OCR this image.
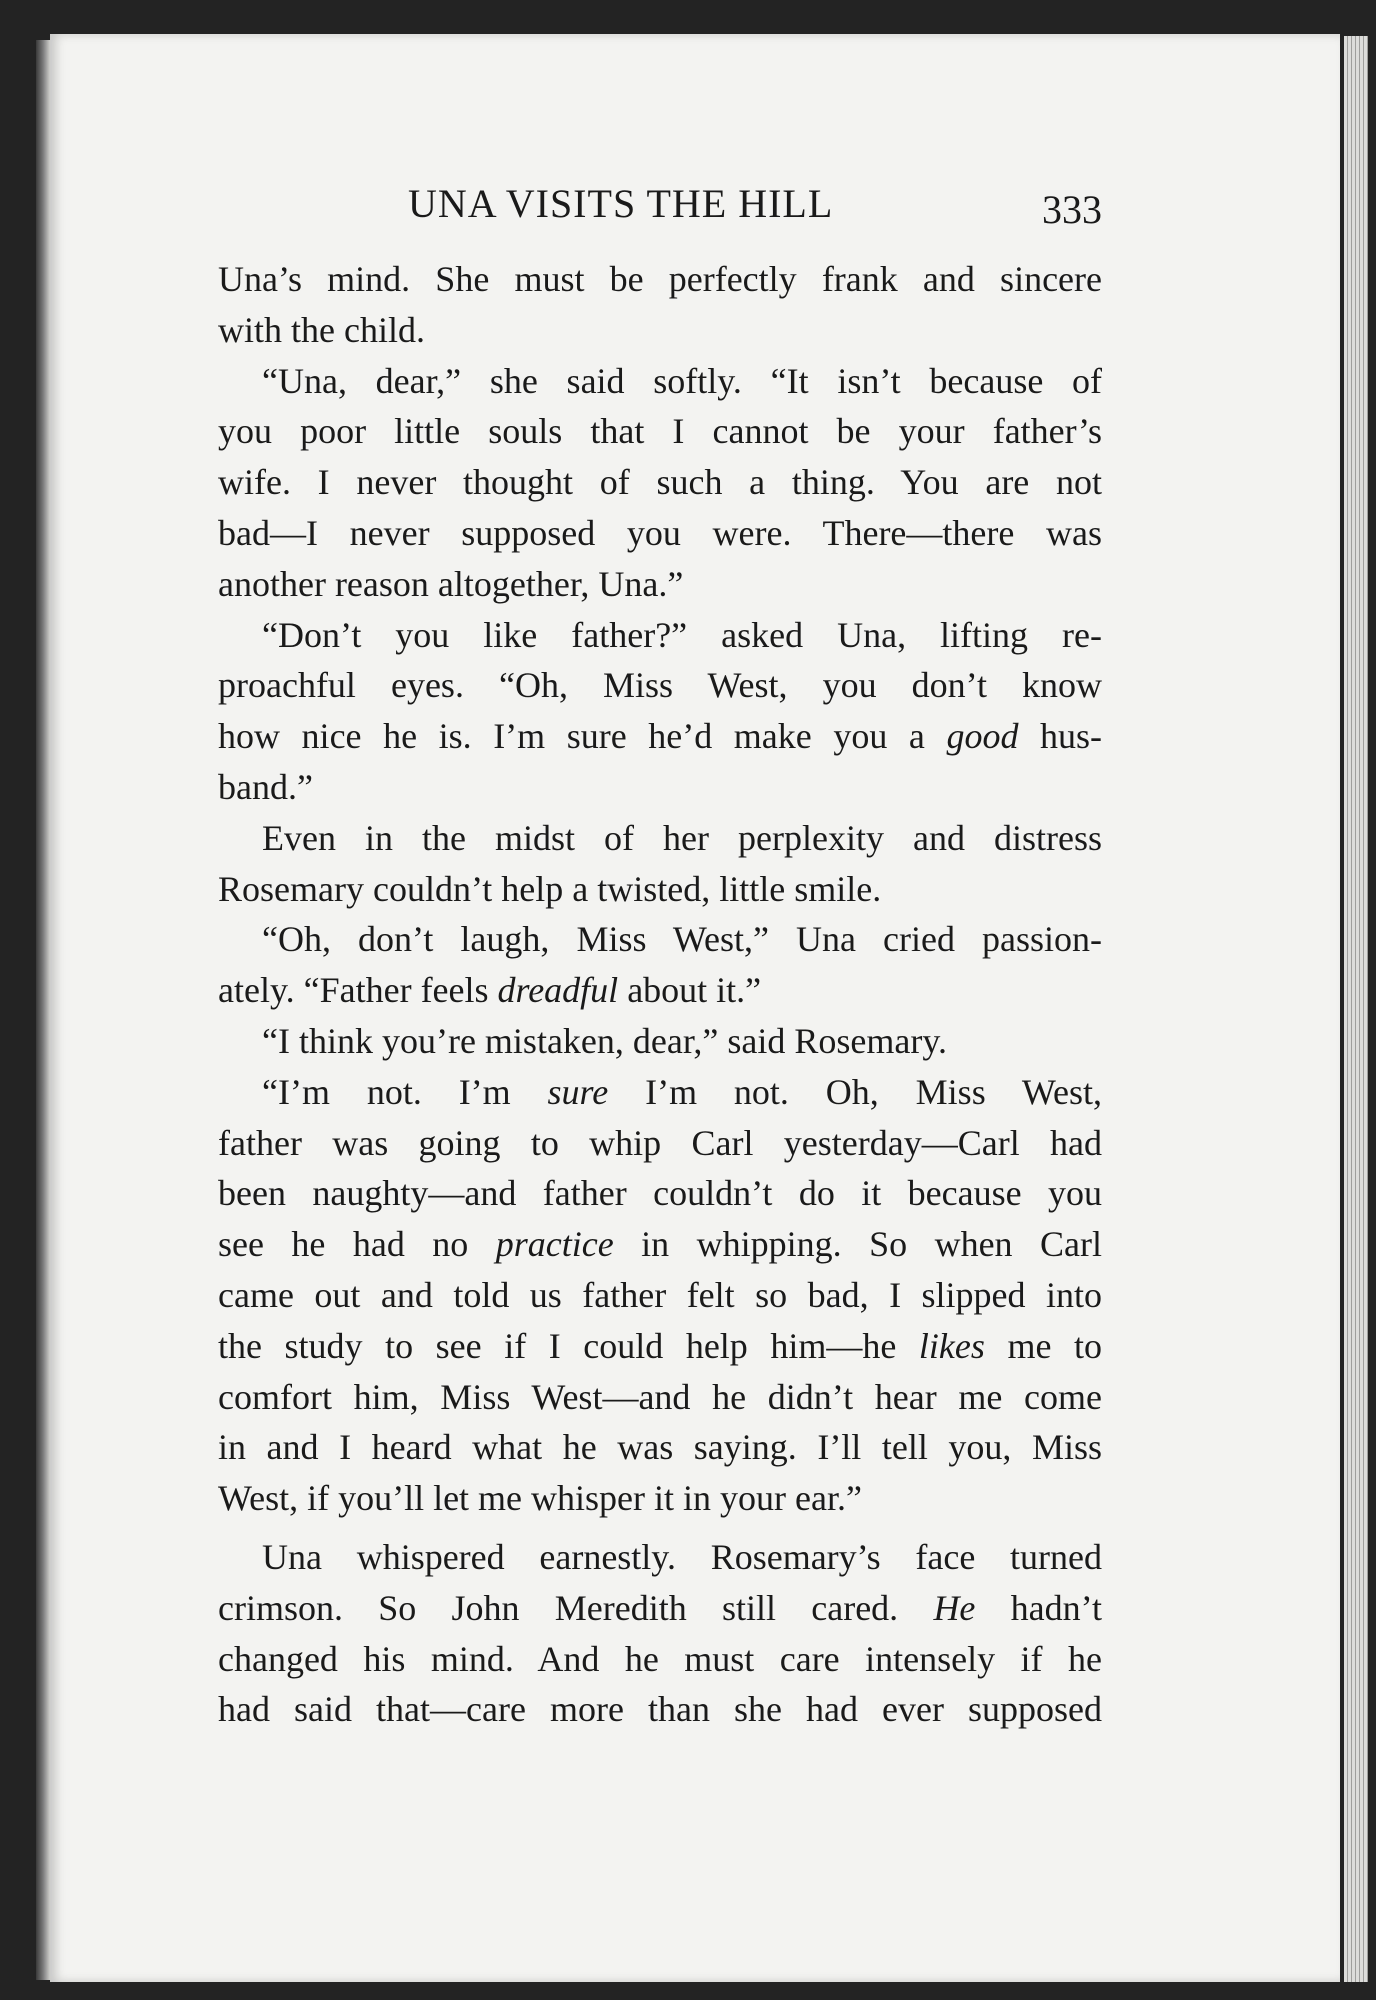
UNA VISITS THE HILL	333
Una’s mind. She must be perfectly frank and sincere
with the child.
“Una, dear,” she said softly. “It isn’t because of
you poor little souls that I cannot be your father’s
wife. I never thought of such a thing. You are not
bad—I never supposed you were. There—there was
another reason altogether, Una.”
“Don’t you like father?” asked Una, lifting re-
proachful eyes. “Oh, Miss West, you don’t know
how nice he is. I’m sure he’d make you a good hus-
band.”
Even in the midst of her perplexity and distress
Rosemary couldn’t help a twisted, little smile.
“Oh, don’t laugh, Miss West,” Una cried passion-
ately. “Father feels dreadful about it.”
“I think you’re mistaken, dear,” said Rosemary.
“I’m not. I’m sure I’m not. Oh, Miss West,
father was going to whip Carl yesterday—Carl had
been naughty—and father couldn’t do it because you
see he had no practice in whipping. So when Carl
came out and told us father felt so bad, I slipped into
the study to see if I could help him—he likes me to
comfort him, Miss West—and he didn’t hear me come
in and I heard what he was saying. I’ll tell you, Miss
West, if you’ll let me whisper it in your ear.”
Una whispered earnestly. Rosemary’s face turned
crimson. So John Meredith still cared. He hadn’t
changed his mind. And he must care intensely if he
had said that—care more than she had ever supposed
